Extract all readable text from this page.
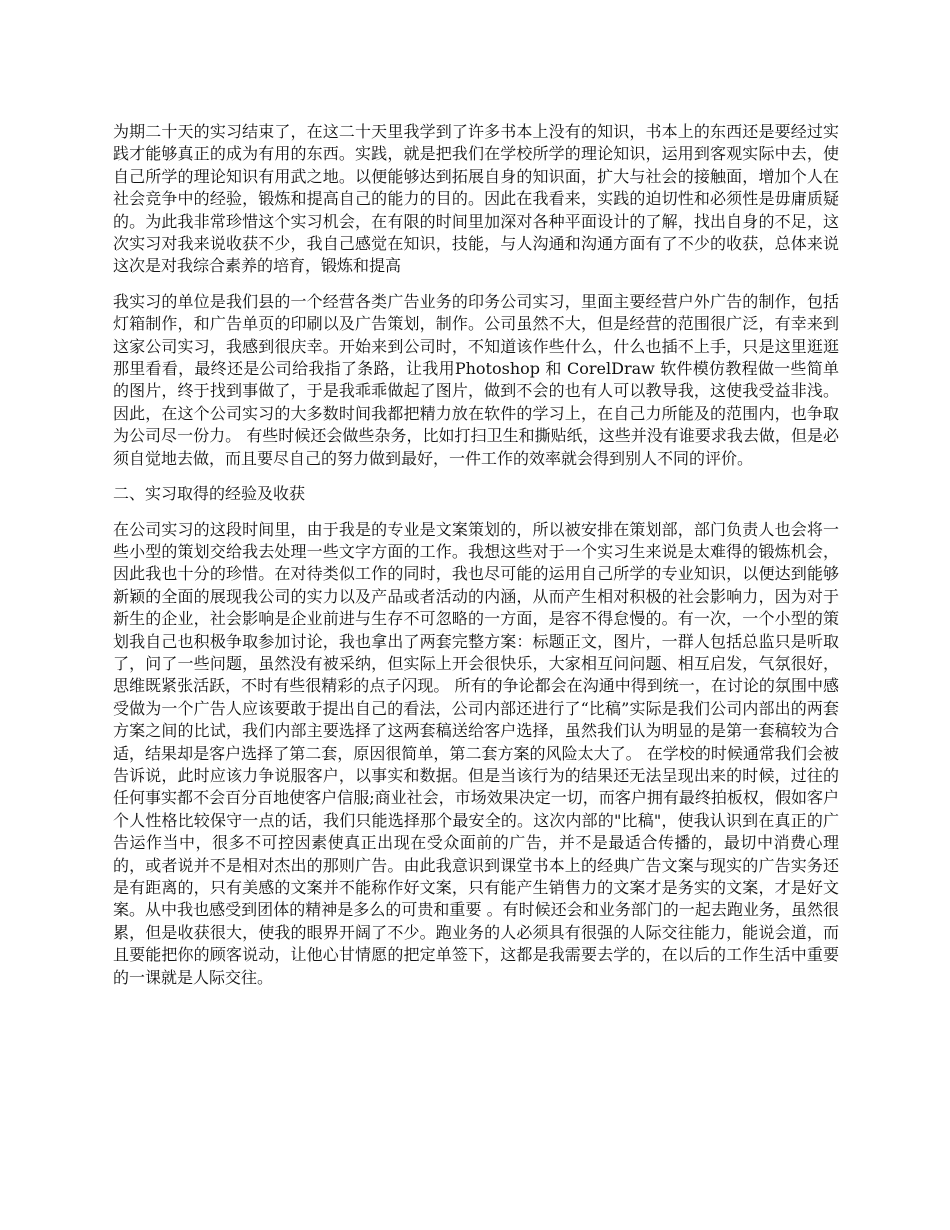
为期二十天的实习结束了，在这二十天里我学到了许多书本上没有的知识，书本上的东西还是要经过实践才能够真正的成为有用的东西。实践，就是把我们在学校所学的理论知识，运用到客观实际中去，使自己所学的理论知识有用武之地。以便能够达到拓展自身的知识面，扩大与社会的接触面，增加个人在社会竞争中的经验，锻炼和提高自己的能力的目的。因此在我看来，实践的迫切性和必须性是毋庸质疑的。为此我非常珍惜这个实习机会，在有限的时间里加深对各种平面设计的了解，找出自身的不足，这次实习对我来说收获不少，我自己感觉在知识，技能，与人沟通和沟通方面有了不少的收获，总体来说这次是对我综合素养的培育，锻炼和提高

我实习的单位是我们县的一个经营各类广告业务的印务公司实习，里面主要经营户外广告的制作，包括灯箱制作，和广告单页的印刷以及广告策划，制作。公司虽然不大，但是经营的范围很广泛，有幸来到这家公司实习，我感到很庆幸。开始来到公司时，不知道该作些什么，什么也插不上手，只是这里逛逛那里看看，最终还是公司给我指了条路，让我用Photoshop 和 CorelDraw 软件模仿教程做一些简单的图片，终于找到事做了，于是我乖乖做起了图片，做到不会的也有人可以教导我，这使我受益非浅。因此，在这个公司实习的大多数时间我都把精力放在软件的学习上，在自己力所能及的范围内，也争取为公司尽一份力。 有些时候还会做些杂务，比如打扫卫生和撕贴纸，这些并没有谁要求我去做，但是必须自觉地去做，而且要尽自己的努力做到最好，一件工作的效率就会得到别人不同的评价。

二、实习取得的经验及收获

在公司实习的这段时间里，由于我是的专业是文案策划的，所以被安排在策划部，部门负责人也会将一些小型的策划交给我去处理一些文字方面的工作。我想这些对于一个实习生来说是太难得的锻炼机会，因此我也十分的珍惜。在对待类似工作的同时，我也尽可能的运用自己所学的专业知识，以便达到能够新颖的全面的展现我公司的实力以及产品或者活动的内涵，从而产生相对积极的社会影响力，因为对于新生的企业，社会影响是企业前进与生存不可忽略的一方面，是容不得怠慢的。有一次，一个小型的策划我自己也积极争取参加讨论，我也拿出了两套完整方案：标题正文，图片，一群人包括总监只是听取了，问了一些问题，虽然没有被采纳，但实际上开会很快乐，大家相互问问题、相互启发，气氛很好，思维既紧张活跃，不时有些很精彩的点子闪现。 所有的争论都会在沟通中得到统一，在讨论的氛围中感受做为一个广告人应该要敢于提出自己的看法，公司内部还进行了“比稿”实际是我们公司内部出的两套方案之间的比试，我们内部主要选择了这两套稿送给客户选择，虽然我们认为明显的是第一套稿较为合适，结果却是客户选择了第二套，原因很简单，第二套方案的风险太大了。 在学校的时候通常我们会被告诉说，此时应该力争说服客户，以事实和数据。但是当该行为的结果还无法呈现出来的时候，过往的任何事实都不会百分百地使客户信服;商业社会，市场效果决定一切，而客户拥有最终拍板权，假如客户个人性格比较保守一点的话，我们只能选择那个最安全的。这次内部的"比稿"，使我认识到在真正的广告运作当中，很多不可控因素使真正出现在受众面前的广告，并不是最适合传播的，最切中消费心理的，或者说并不是相对杰出的那则广告。由此我意识到课堂书本上的经典广告文案与现实的广告实务还是有距离的，只有美感的文案并不能称作好文案，只有能产生销售力的文案才是务实的文案，才是好文案。从中我也感受到团体的精神是多么的可贵和重要 。有时候还会和业务部门的一起去跑业务，虽然很累，但是收获很大，使我的眼界开阔了不少。跑业务的人必须具有很强的人际交往能力，能说会道，而且要能把你的顾客说动，让他心甘情愿的把定单签下，这都是我需要去学的，在以后的工作生活中重要的一课就是人际交往。
